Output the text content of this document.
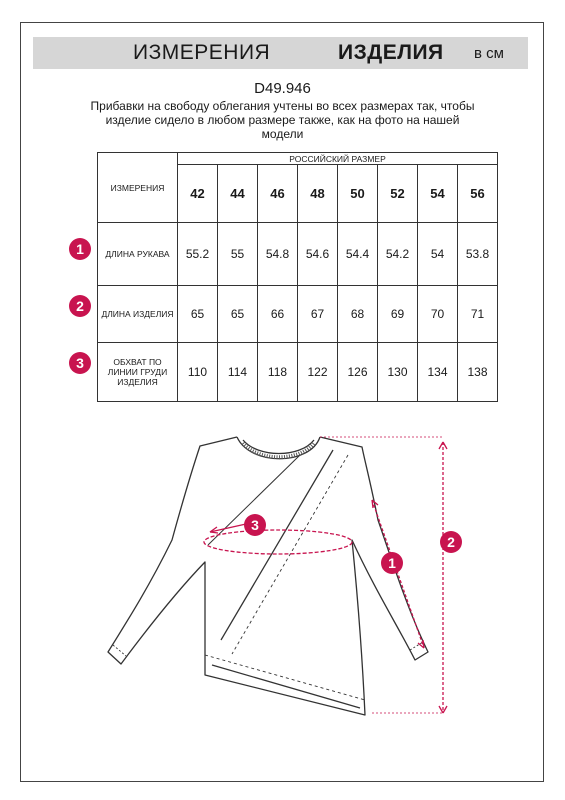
ИЗМЕРЕНИЯ	ИЗДЕЛИЯ в см
D49.946
Прибавки на свободу облегания учтены во всех размерах так, чтобы изделие сидело в любом размере также, как на фото на нашей модели
ИЗМЕРЕНИЯ	РОССИЙСКИЙ РАЗМЕР							
	42	44	46	48	50	52	54	56
ДЛИНА РУКАВА	55.2	55	54.8	54.6	54.4	54.2	54	53.8
ДЛИНА ИЗДЕЛИЯ	65	65	66	67	68	69	70	71
ОБХВАТ ПО ЛИНИИ ГРУДИ ИЗДЕЛИЯ	110	114	118	122	126	130	134	138
1
2
3
3
1
2
